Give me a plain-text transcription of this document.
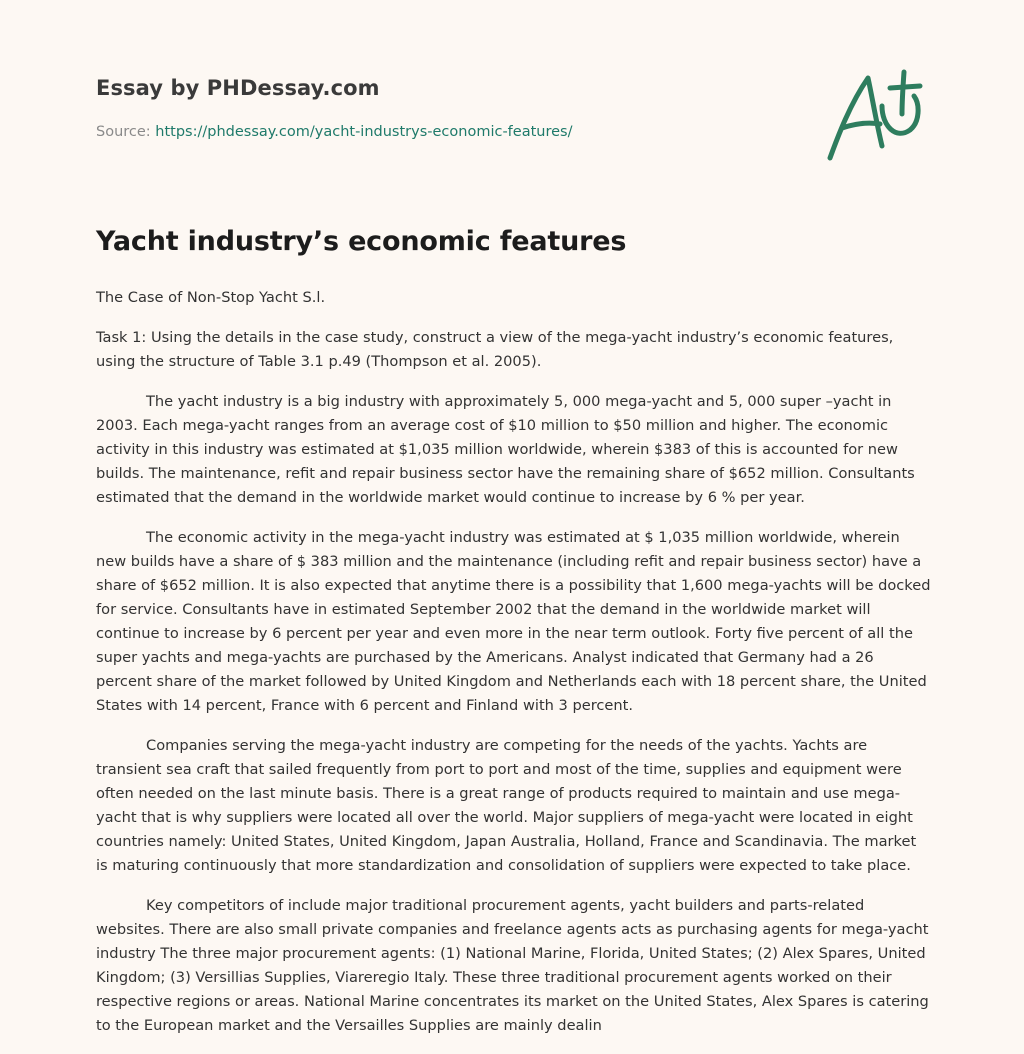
Essay by PHDessay.com
Source: https://phdessay.com/yacht-industrys-economic-features/
Yacht industry’s economic features

The Case of Non-Stop Yacht S.l.

Task 1: Using the details in the case study, construct a view of the mega-yacht industry’s economic features, using the structure of Table 3.1 p.49 (Thompson et al. 2005).

The yacht industry is a big industry with approximately 5, 000 mega-yacht and 5, 000 super –yacht in 2003. Each mega-yacht ranges from an average cost of $10 million to $50 million and higher. The economic activity in this industry was estimated at $1,035 million worldwide, wherein $383 of this is accounted for new builds. The maintenance, refit and repair business sector have the remaining share of $652 million. Consultants estimated that the demand in the worldwide market would continue to increase by 6 % per year.

The economic activity in the mega-yacht industry was estimated at $ 1,035 million worldwide, wherein new builds have a share of $ 383 million and the maintenance (including refit and repair business sector) have a share of $652 million. It is also expected that anytime there is a possibility that 1,600 mega-yachts will be docked for service. Consultants have in estimated September 2002 that the demand in the worldwide market will continue to increase by 6 percent per year and even more in the near term outlook. Forty five percent of all the super yachts and mega-yachts are purchased by the Americans. Analyst indicated that Germany had a 26 percent share of the market followed by United Kingdom and Netherlands each with 18 percent share, the United States with 14 percent, France with 6 percent and Finland with 3 percent.

Companies serving the mega-yacht industry are competing for the needs of the yachts. Yachts are transient sea craft that sailed frequently from port to port and most of the time, supplies and equipment were often needed on the last minute basis. There is a great range of products required to maintain and use mega-yacht that is why suppliers were located all over the world. Major suppliers of mega-yacht were located in eight countries namely: United States, United Kingdom, Japan Australia, Holland, France and Scandinavia. The market is maturing continuously that more standardization and consolidation of suppliers were expected to take place.

Key competitors of include major traditional procurement agents, yacht builders and parts-related websites. There are also small private companies and freelance agents acts as purchasing agents for mega-yacht industry The three major procurement agents: (1) National Marine, Florida, United States; (2) Alex Spares, United Kingdom; (3) Versillias Supplies, Viareregio Italy. These three traditional procurement agents worked on their respective regions or areas. National Marine concentrates its market on the United States, Alex Spares is catering to the European market and the Versailles Supplies are mainly dealin
